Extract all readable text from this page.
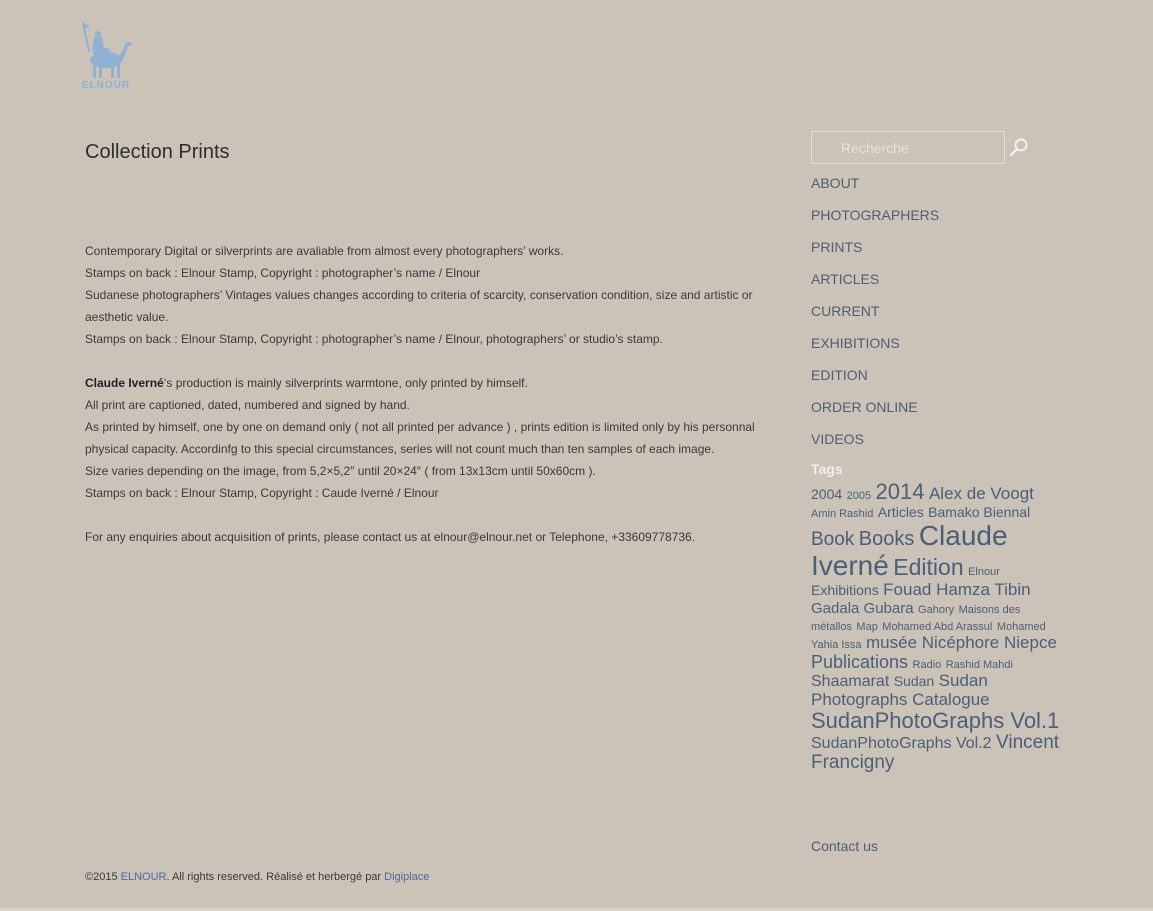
ELNOUR
Collection Prints

Contemporary Digital or silverprints are avaliable from almost every photographers’ works.

Stamps on back : Elnour Stamp, Copyright : photographer’s name / Elnour

Sudanese photographers’ Vintages values changes according to criteria of scarcity, conservation condition, size and artistic or aesthetic value.

Stamps on back : Elnour Stamp, Copyright : photographer’s name / Elnour, photographers’ or studio’s stamp.

Claude Iverné‘s production is mainly silverprints warmtone, only printed by himself.

All print are captioned, dated, numbered and signed by hand.

As printed by himself, one by one on demand only ( not all printed per advance ) , prints edition is limited only by his personnal physical capacity. Accordinfg to this special circumstances, series will not count much than ten samples of each image.

Size varies depending on the image, from 5,2×5,2″ until 20×24″ ( from 13x13cm until 50x60cm ).

Stamps on back : Elnour Stamp, Copyright : Caude Iverné / Elnour

For any enquiries about acquisition of prints, please contact us at elnour@elnour.net or Telephone, +33609778736.

Recherche
ABOUT
PHOTOGRAPHERS
PRINTS
ARTICLES
CURRENT
EXHIBITIONS
EDITION
ORDER ONLINE
VIDEOS
Tags
2004 2005 2014 Alex de Voogt Amin Rashid Articles Bamako Biennal Book Books Claude Iverné Edition Elnour Exhibitions Fouad Hamza Tibin Gadala Gubara Gahory Maisons des métallos Map Mohamed Abd Arassul Mohamed Yahia Issa musée Nicéphore Niepce Publications Radio Rashid Mahdi Shaamarat Sudan Sudan Photographs Catalogue SudanPhotoGraphs Vol.1 SudanPhotoGraphs Vol.2 Vincent Francigny
Contact us
©2015 ELNOUR. All rights reserved. Réalisé et herbergé par Digiplace
